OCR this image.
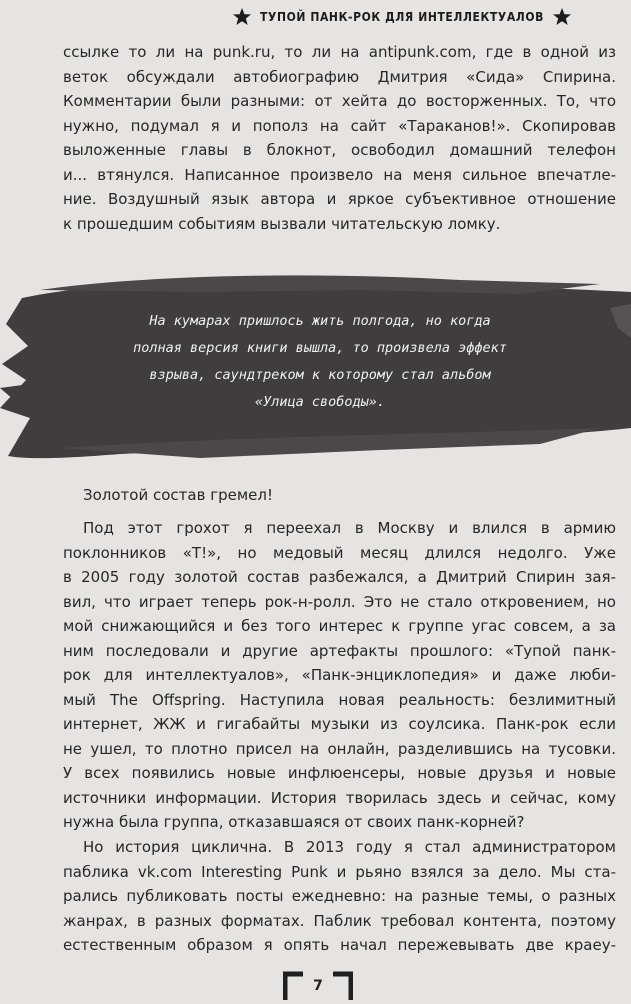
ТУПОЙ ПАНК-РОК ДЛЯ ИНТЕЛЛЕКТУАЛОВ

ссылке то ли на punk.ru, то ли на antipunk.com, где в одной из
веток обсуждали автобиографию Дмитрия «Сида» Спирина.
Комментарии были разными: от хейта до восторженных. То, что
нужно, подумал я и пополз на сайт «Тараканов!». Скопировав
выложенные главы в блокнот, освободил домашний телефон
и... втянулся. Написанное произвело на меня сильное впечатле-
ние. Воздушный язык автора и яркое субъективное отношение
к прошедшим событиям вызвали читательскую ломку.

На кумарах пришлось жить полгода, но когда
полная версия книги вышла, то произвела эффект
взрыва, саундтреком к которому стал альбом
«Улица свободы».

Золотой состав гремел!

Под этот грохот я переехал в Москву и влился в армию
поклонников «Т!», но медовый месяц длился недолго. Уже
в 2005 году золотой состав разбежался, а Дмитрий Спирин зая-
вил, что играет теперь рок-н-ролл. Это не стало откровением, но
мой снижающийся и без того интерес к группе угас совсем, а за
ним последовали и другие артефакты прошлого: «Тупой панк-
рок для интеллектуалов», «Панк-энциклопедия» и даже люби-
мый The Offspring. Наступила новая реальность: безлимитный
интернет, ЖЖ и гигабайты музыки из соулсика. Панк-рок если
не ушел, то плотно присел на онлайн, разделившись на тусовки.
У всех появились новые инфлюенсеры, новые друзья и новые
источники информации. История творилась здесь и сейчас, кому
нужна была группа, отказавшаяся от своих панк-корней?

Но история циклична. В 2013 году я стал администратором
паблика vk.com Interesting Punk и рьяно взялся за дело. Мы ста-
рались публиковать посты ежедневно: на разные темы, о разных
жанрах, в разных форматах. Паблик требовал контента, поэтому
естественным образом я опять начал пережевывать две краеу-

7
